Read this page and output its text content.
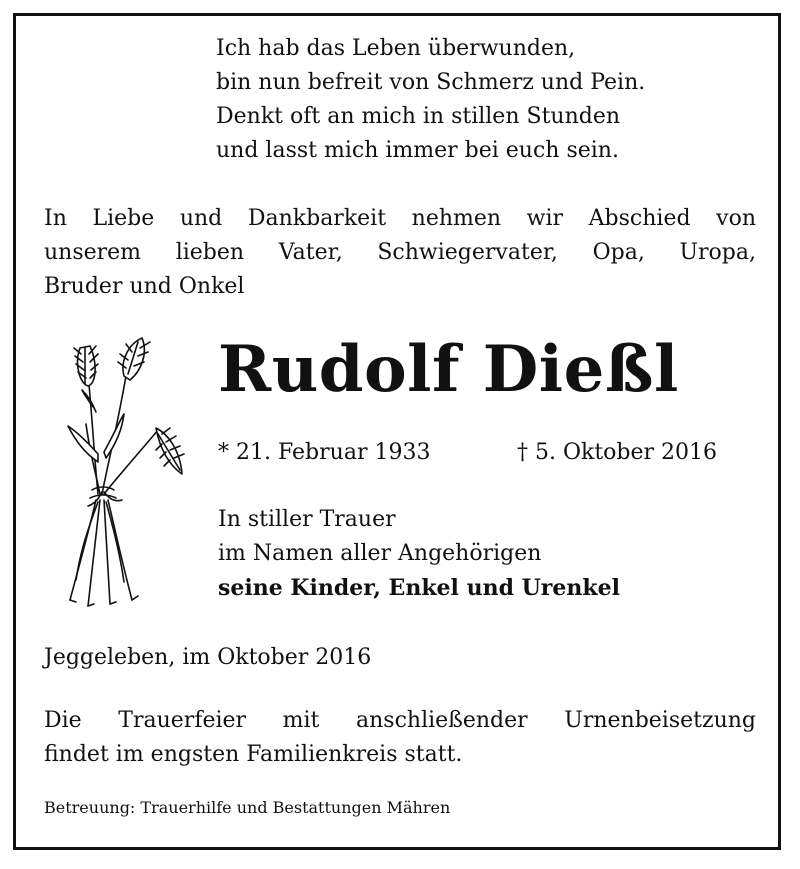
Ich hab das Leben überwunden,
bin nun befreit von Schmerz und Pein.
Denkt oft an mich in stillen Stunden
und lasst mich immer bei euch sein.
In Liebe und Dankbarkeit nehmen wir Abschied von
unserem lieben Vater, Schwiegervater, Opa, Uropa,
Bruder und Onkel
Rudolf Dießl
* 21. Februar 1933	† 5. Oktober 2016
In stiller Trauer
im Namen aller Angehörigen
seine Kinder, Enkel und Urenkel
Jeggeleben, im Oktober 2016
Die Trauerfeier mit anschließender Urnenbeisetzung
findet im engsten Familienkreis statt.
Betreuung: Trauerhilfe und Bestattungen Mähren
